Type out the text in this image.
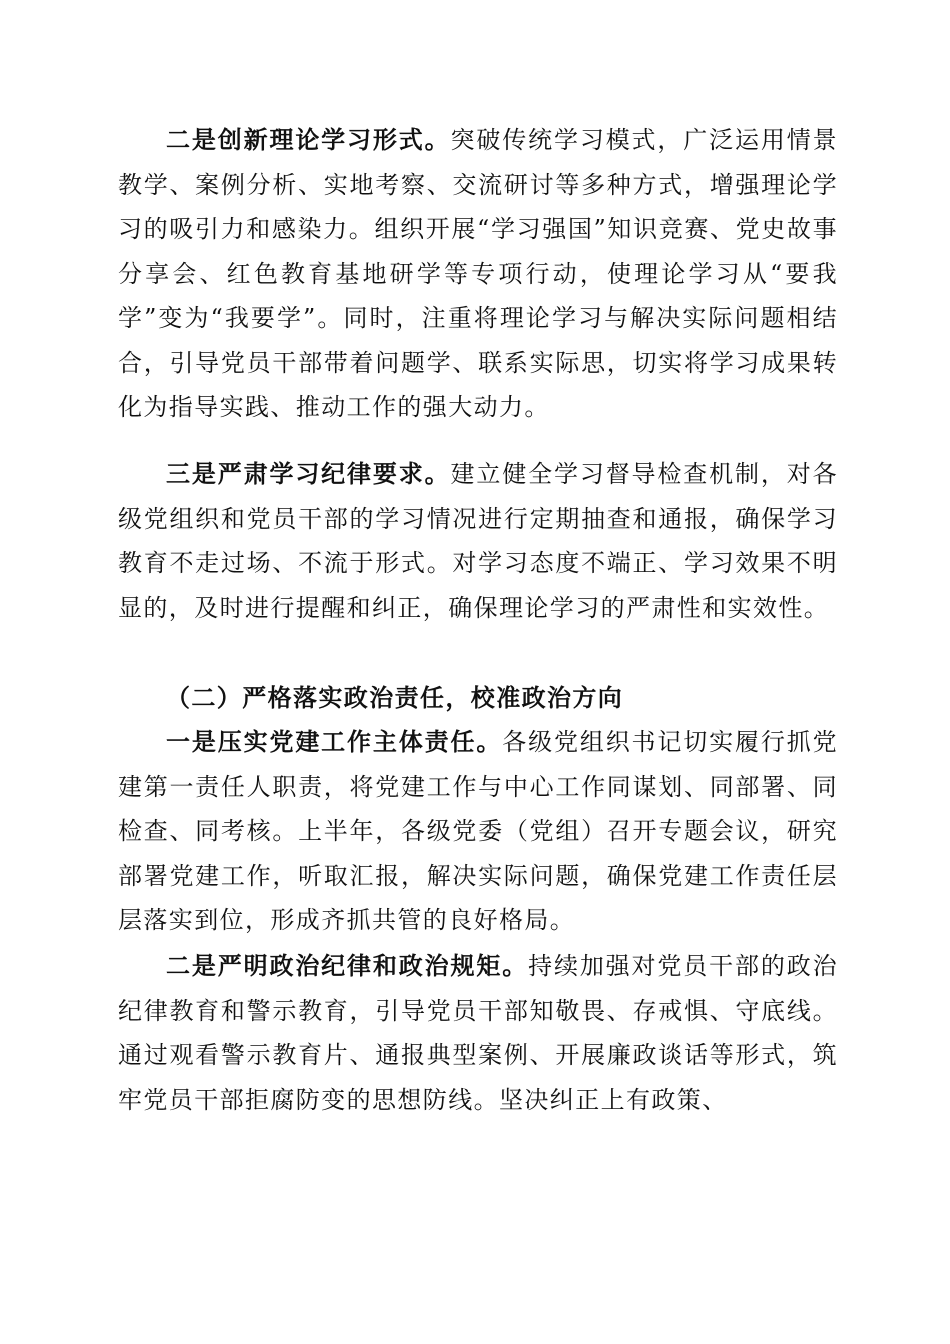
二是创新理论学习形式。突破传统学习模式，广泛运用情景教学、案例分析、实地考察、交流研讨等多种方式，增强理论学习的吸引力和感染力。组织开展“学习强国”知识竞赛、党史故事分享会、红色教育基地研学等专项行动，使理论学习从“要我学”变为“我要学”。同时，注重将理论学习与解决实际问题相结合，引导党员干部带着问题学、联系实际思，切实将学习成果转化为指导实践、推动工作的强大动力。

三是严肃学习纪律要求。建立健全学习督导检查机制，对各级党组织和党员干部的学习情况进行定期抽查和通报，确保学习教育不走过场、不流于形式。对学习态度不端正、学习效果不明显的，及时进行提醒和纠正，确保理论学习的严肃性和实效性。

（二）严格落实政治责任，校准政治方向

一是压实党建工作主体责任。各级党组织书记切实履行抓党建第一责任人职责，将党建工作与中心工作同谋划、同部署、同检查、同考核。上半年，各级党委（党组）召开专题会议，研究部署党建工作，听取汇报，解决实际问题，确保党建工作责任层层落实到位，形成齐抓共管的良好格局。

二是严明政治纪律和政治规矩。持续加强对党员干部的政治纪律教育和警示教育，引导党员干部知敬畏、存戒惧、守底线。通过观看警示教育片、通报典型案例、开展廉政谈话等形式，筑牢党员干部拒腐防变的思想防线。坚决纠正上有政策、
